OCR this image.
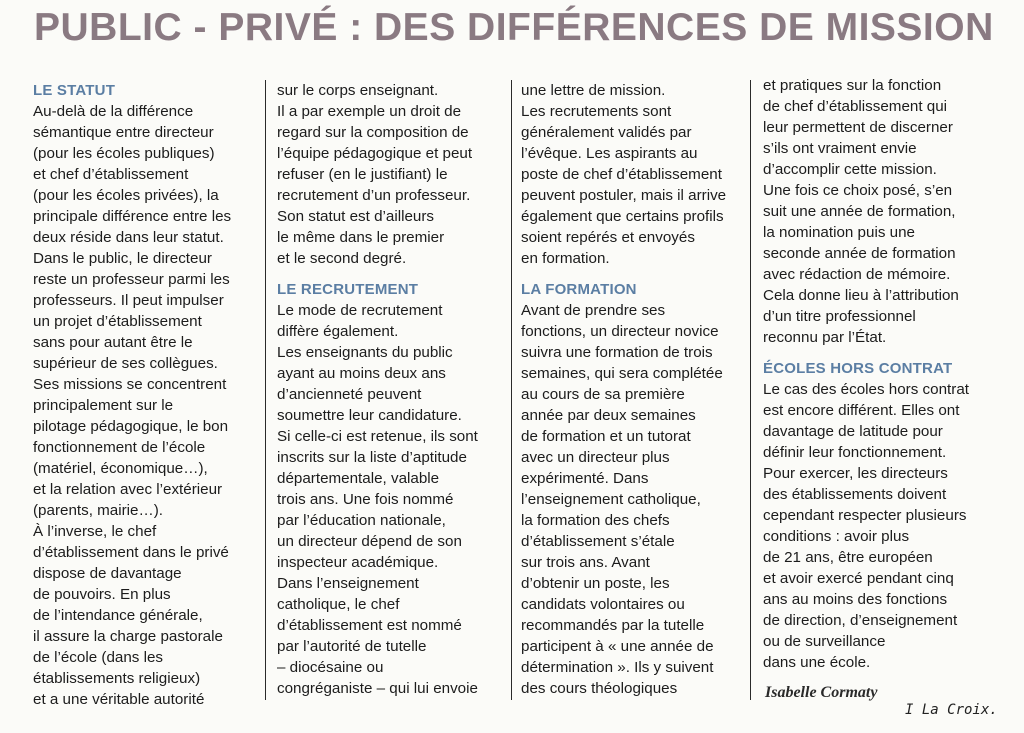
PUBLIC - PRIVÉ : DES DIFFÉRENCES DE MISSION
LE STATUT
Au-delà de la différence
sémantique entre directeur
(pour les écoles publiques)
et chef d’établissement
(pour les écoles privées), la
principale différence entre les
deux réside dans leur statut.
Dans le public, le directeur
reste un professeur parmi les
professeurs. Il peut impulser
un projet d’établissement
sans pour autant être le
supérieur de ses collègues.
Ses missions se concentrent
principalement sur le
pilotage pédagogique, le bon
fonctionnement de l’école
(matériel, économique…),
et la relation avec l’extérieur
(parents, mairie…).
À l’inverse, le chef
d’établissement dans le privé
dispose de davantage
de pouvoirs. En plus
de l’intendance générale,
il assure la charge pastorale
de l’école (dans les
établissements religieux)
et a une véritable autorité
sur le corps enseignant.
Il a par exemple un droit de
regard sur la composition de
l’équipe pédagogique et peut
refuser (en le justifiant) le
recrutement d’un professeur.
Son statut est d’ailleurs
le même dans le premier
et le second degré.
LE RECRUTEMENT
Le mode de recrutement
diffère également.
Les enseignants du public
ayant au moins deux ans
d’ancienneté peuvent
soumettre leur candidature.
Si celle-ci est retenue, ils sont
inscrits sur la liste d’aptitude
départementale, valable
trois ans. Une fois nommé
par l’éducation nationale,
un directeur dépend de son
inspecteur académique.
Dans l’enseignement
catholique, le chef
d’établissement est nommé
par l’autorité de tutelle
– diocésaine ou
congréganiste – qui lui envoie
une lettre de mission.
Les recrutements sont
généralement validés par
l’évêque. Les aspirants au
poste de chef d’établissement
peuvent postuler, mais il arrive
également que certains profils
soient repérés et envoyés
en formation.
LA FORMATION
Avant de prendre ses
fonctions, un directeur novice
suivra une formation de trois
semaines, qui sera complétée
au cours de sa première
année par deux semaines
de formation et un tutorat
avec un directeur plus
expérimenté. Dans
l’enseignement catholique,
la formation des chefs
d’établissement s’étale
sur trois ans. Avant
d’obtenir un poste, les
candidats volontaires ou
recommandés par la tutelle
participent à « une année de
détermination ». Ils y suivent
des cours théologiques
et pratiques sur la fonction
de chef d’établissement qui
leur permettent de discerner
s’ils ont vraiment envie
d’accomplir cette mission.
Une fois ce choix posé, s’en
suit une année de formation,
la nomination puis une
seconde année de formation
avec rédaction de mémoire.
Cela donne lieu à l’attribution
d’un titre professionnel
reconnu par l’État.
ÉCOLES HORS CONTRAT
Le cas des écoles hors contrat
est encore différent. Elles ont
davantage de latitude pour
définir leur fonctionnement.
Pour exercer, les directeurs
des établissements doivent
cependant respecter plusieurs
conditions : avoir plus
de 21 ans, être européen
et avoir exercé pendant cinq
ans au moins des fonctions
de direction, d’enseignement
ou de surveillance
dans une école.
Isabelle Cormaty
I La Croix.
